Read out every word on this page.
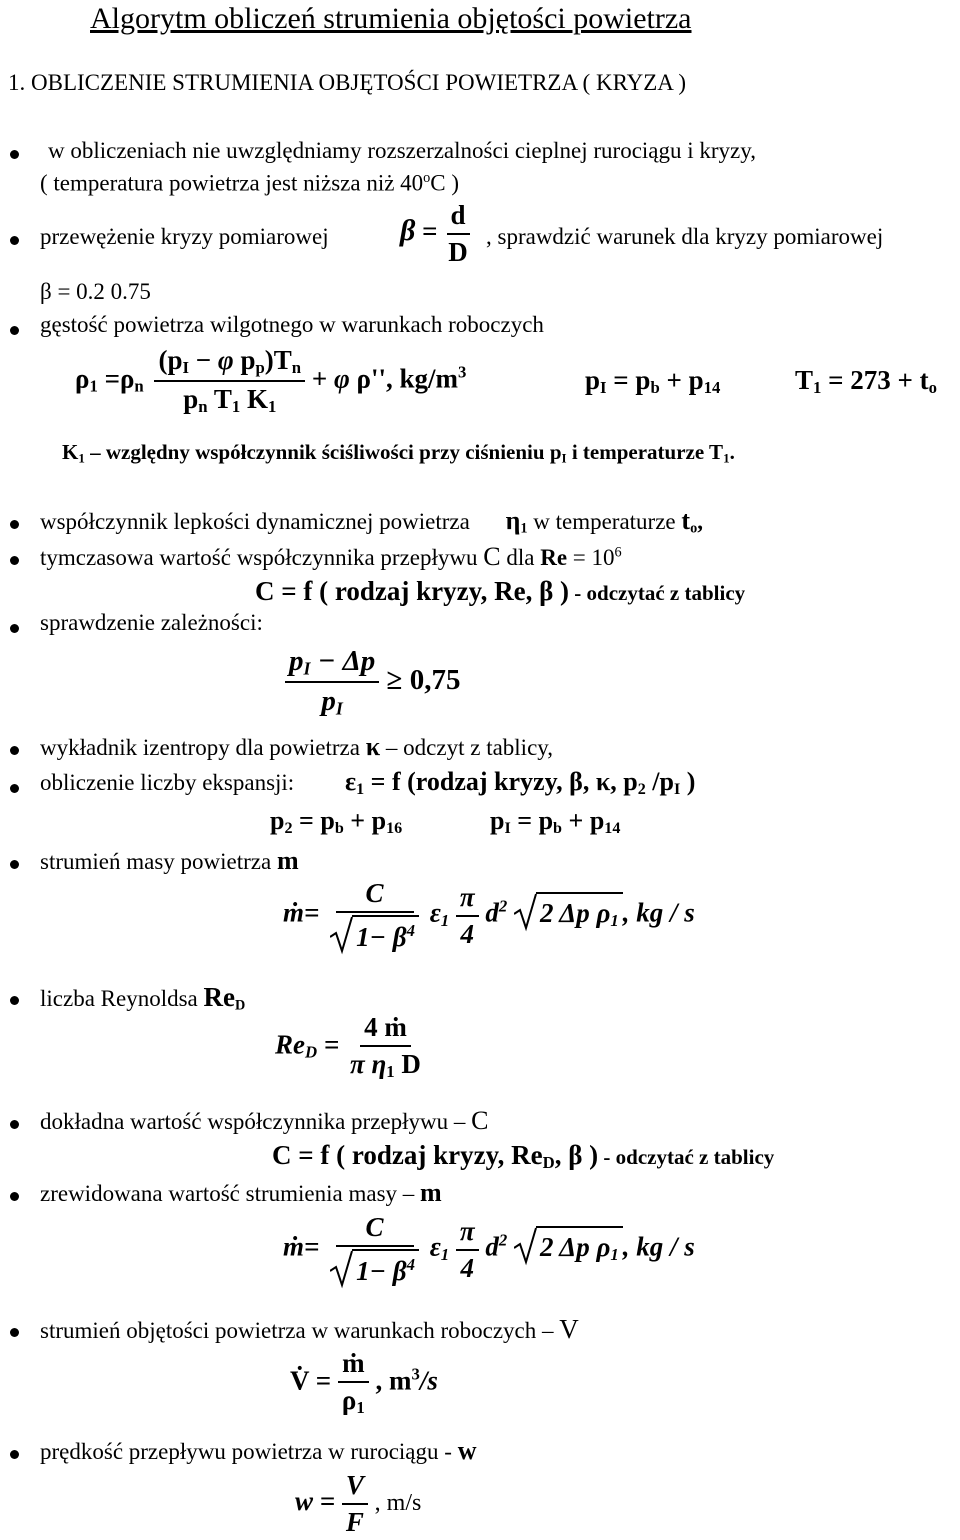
Algorytm obliczeń strumienia objętości powietrza
1. OBLICZENIE STRUMIENIA OBJĘTOŚCI POWIETRZA ( KRYZA )
w obliczeniach nie uwzględniamy rozszerzalności cieplnej rurociągu i kryzy,
( temperatura powietrza jest niższa niż 40$^o$C )
przewężenie kryzy pomiarowej $\beta = \frac{d}{D}$ , sprawdzić warunek dla kryzy pomiarowej
β = 0.2 0.75
gęstość powietrza wilgotnego w warunkach roboczych
$\rho_1 =\rho_n \frac{(p_I - \varphi p_p)T_n}{p_n T_1 K_1} + \varphi$ ρ'', $kg/m^3$	$p_I = p_b + p_{14}$	$T_1 = 273 + t_o$
$K_1$ – względny współczynnik ściśliwości przy ciśnieniu $p_I$ i temperaturze $T_1$.
współczynnik lepkości dynamicznej powietrza $\eta_1$ w temperaturze $t_o$,
tymczasowa wartość współczynnika przepływu C dla $Re = 10^6$
C = f ( rodzaj kryzy, Re, β ) - odczytać z tablicy
sprawdzenie zależności:
$\frac{p_I - \Delta p}{p_I} \ge 0,75$
wykładnik izentropy dla powietrza κ – odczyt z tablicy,
obliczenie liczby ekspansji: $\varepsilon_1 = f$ (rodzaj kryzy, β, κ, $p_2$ $/p_I$ )
$p_2 = p_b + p_{16}$	$p_I = p_b + p_{14}$
strumień masy powietrza m
ṁ= $\frac{C}{1- \beta^4} \varepsilon_1 \frac{\pi}{4} d^2$ 2 Δp $\rho_1$ , kg / s
liczba Reynoldsa $Re_D$
$Re_D = \frac{\text{4 ṁ}}{\pi \eta_1 D}$
dokładna wartość współczynnika przepływu – C
C = f ( rodzaj kryzy, $Re_D$, β ) - odczytać z tablicy
zrewidowana wartość strumienia masy – m
ṁ= $\frac{C}{1- \beta^4} \varepsilon_1 \frac{\pi}{4} d^2$ 2 Δp $\rho_1$ , kg / s
strumień objętości powietrza w warunkach roboczych – V
V̇ = $\frac{\text{ṁ}}{\rho_1}$ , $m^3/s$
prędkość przepływu powietrza w rurociągu - w
$w = \frac{V}{F}$ , m/s
